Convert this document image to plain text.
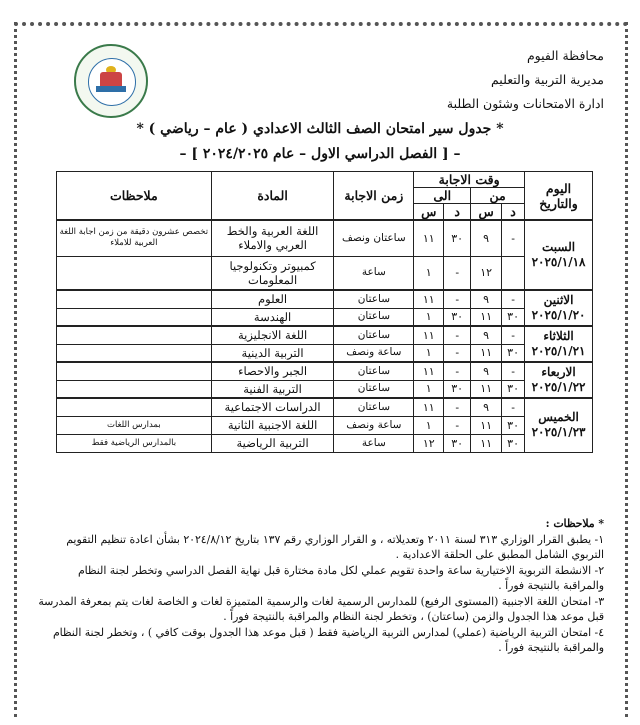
محافظة الفيوم
مديرية التربية والتعليم
ادارة الامتحانات وشئون الطلبة
* جدول سير امتحان الصف الثالث الاعدادي ( عام – رياضي ) *
– [ الفصل الدراسي الاول – عام ٢٠٢٤/٢٠٢٥ ] –
اليوم والتاريخ	وقت الاجابة				زمن الاجابة	المادة	ملاحظات
	من		الى				
	د	س	د	س			

السبت
٢٠٢٥/١/١٨	-	٩	٣٠	١١	ساعتان ونصف	اللغة العربية والخط العربي والاملاء	تخصص عشرون دقيقة من زمن اجابة اللغة العربية للاملاء
		١٢	-	١	ساعة	كمبيوتر وتكنولوجيا المعلومات	

الاثنين
٢٠٢٥/١/٢٠	-	٩	-	١١	ساعتان	العلوم	
	٣٠	١١	٣٠	١	ساعتان	الهندسة	

الثلاثاء
٢٠٢٥/١/٢١	-	٩	-	١١	ساعتان	اللغة الانجليزية	
	٣٠	١١	-	١	ساعة ونصف	التربية الدينية	

الاربعاء
٢٠٢٥/١/٢٢	-	٩	-	١١	ساعتان	الجبر والاحصاء	
	٣٠	١١	٣٠	١	ساعتان	التربية الفنية	

الخميس
٢٠٢٥/١/٢٣	-	٩	-	١١	ساعتان	الدراسات الاجتماعية	
	٣٠	١١	-	١	ساعة ونصف	اللغة الاجنبية الثانية	بمدارس اللغات
	٣٠	١١	٣٠	١٢	ساعة	التربية الرياضية	بالمدارس الرياضية فقط

* ملاحظات :

١- يطبق القرار الوزاري ٣١٣ لسنة ٢٠١١ وتعديلاته ، و القرار الوزاري رقم ١٣٧ بتاريخ ٢٠٢٤/٨/١٢ بشأن اعادة تنظيم التقويم التربوي الشامل المطبق على الحلقة الاعدادية .

٢- الانشطة التربوية الاختيارية ساعة واحدة تقويم عملي لكل مادة مختارة قبل نهاية الفصل الدراسي وتخطر لجنة النظام والمراقبة بالنتيجة فوراً .

٣- امتحان اللغة الاجنبية (المستوى الرفيع) للمدارس الرسمية لغات والرسمية المتميزة لغات و الخاصة لغات يتم بمعرفة المدرسة قبل موعد هذا الجدول والزمن (ساعتان) ، وتخطر لجنة النظام والمراقبة بالنتيجة فوراً .

٤- امتحان التربية الرياضية (عملي) لمدارس التربية الرياضية فقط ( قبل موعد هذا الجدول بوقت كافي ) ، وتخطر لجنة النظام والمراقبة بالنتيجة فوراً .
